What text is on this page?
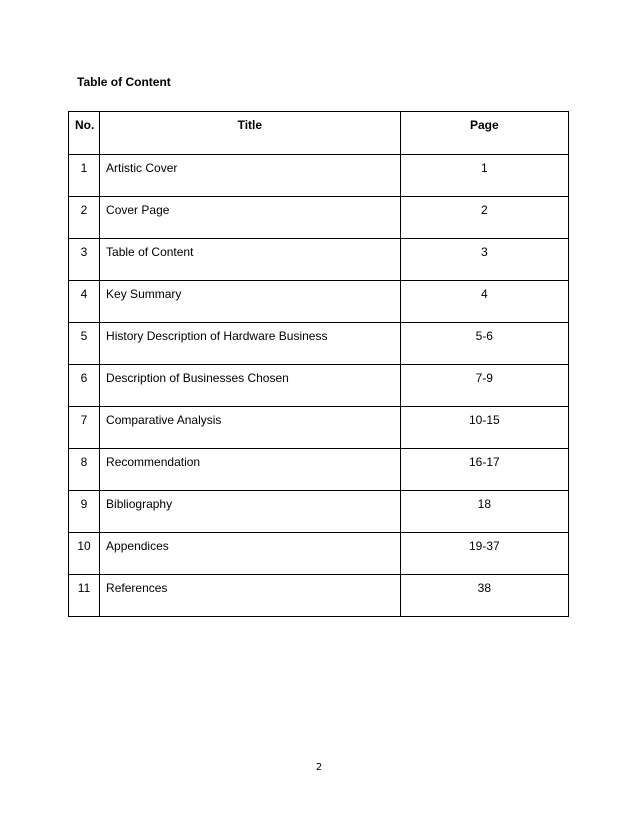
Table of Content

No.	Title	Page
1	Artistic Cover	1
2	Cover Page	2
3	Table of Content	3
4	Key Summary	4
5	History Description of Hardware Business	5-6
6	Description of Businesses Chosen	7-9
7	Comparative Analysis	10-15
8	Recommendation	16-17
9	Bibliography	18
10	Appendices	19-37
11	References	38
2
